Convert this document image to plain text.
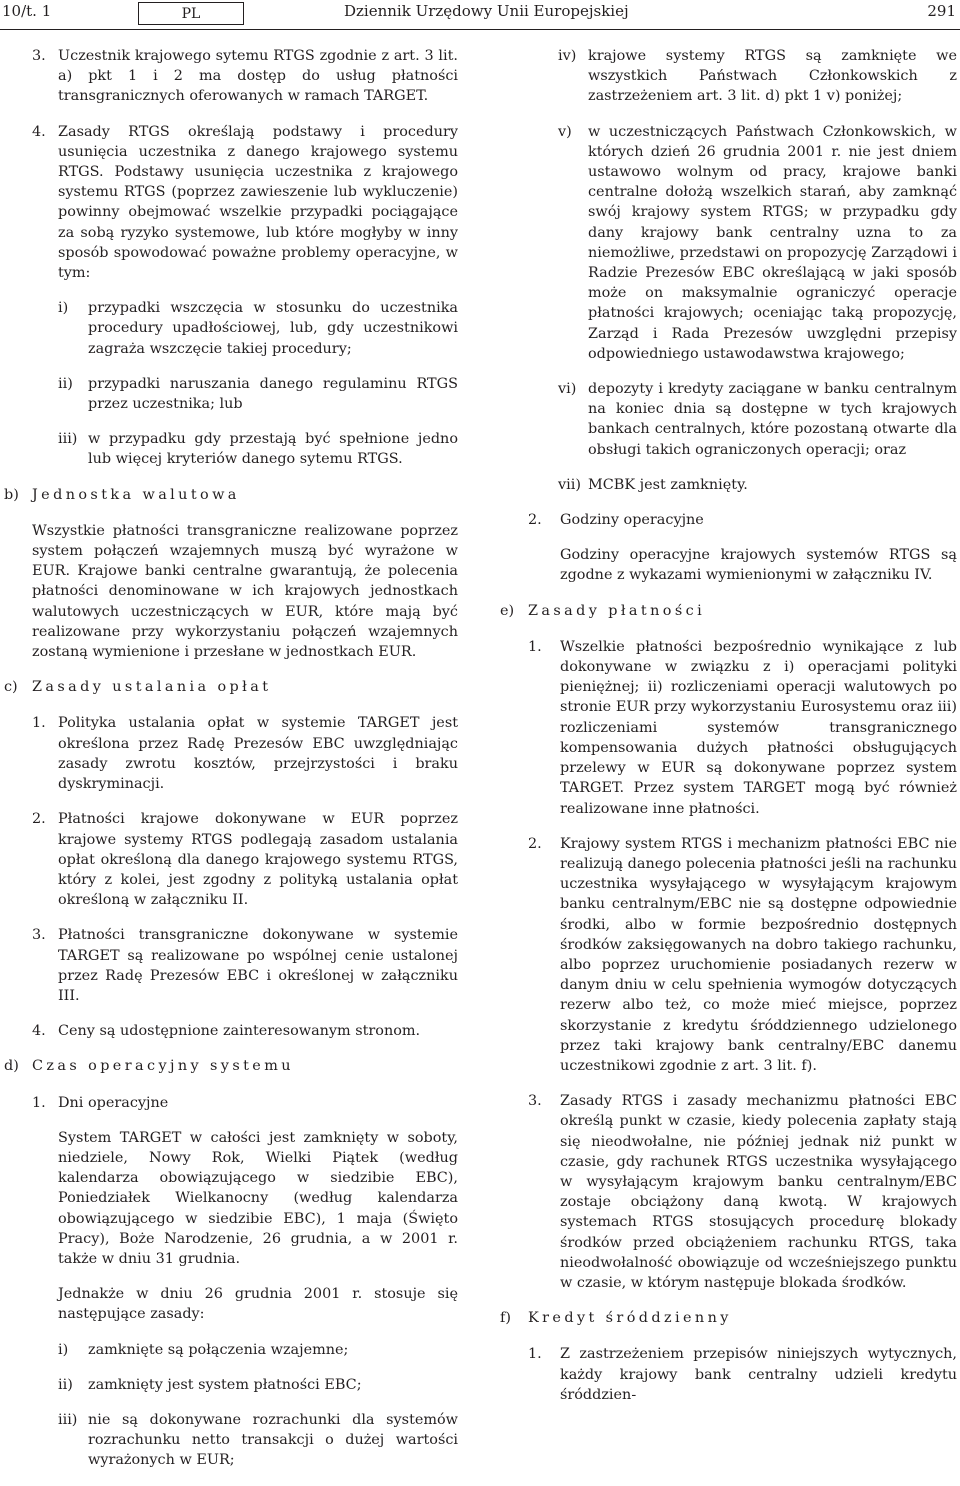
10/t. 1	PL	Dziennik Urzędowy Unii Europejskiej	291
3. Uczestnik krajowego sytemu RTGS zgodnie z art. 3 lit. a) pkt 1 i 2 ma dostęp do usług płatności transgranicznych oferowanych w ramach TARGET.
4. Zasady RTGS określają podstawy i procedury usunięcia uczestnika z danego krajowego systemu RTGS. Podstawy usunięcia uczestnika z krajowego systemu RTGS (poprzez zawieszenie lub wykluczenie) powinny obejmować wszelkie przypadki pociągające za sobą ryzyko systemowe, lub które mogłyby w inny sposób spowodować poważne problemy operacyjne, w tym:
i)	przypadki wszczęcia w stosunku do uczestnika procedury upadłościowej, lub, gdy uczestnikowi zagraża wszczęcie takiej procedury;
ii)	przypadki naruszania danego regulaminu RTGS przez uczestnika; lub
iii) w przypadku gdy przestają być spełnione jedno lub więcej kryteriów danego sytemu RTGS.
b) Jednostka walutowa
Wszystkie płatności transgraniczne realizowane poprzez system połączeń wzajemnych muszą być wyrażone w EUR. Krajowe banki centralne gwarantują, że polecenia płatności denominowane w ich krajowych jednostkach walutowych uczestniczących w EUR, które mają być realizowane przy wykorzystaniu połączeń wzajemnych zostaną wymienione i przesłane w jednostkach EUR.
c) Zasady ustalania opłat
1. Polityka ustalania opłat w systemie TARGET jest określona przez Radę Prezesów EBC uwzględniając zasady zwrotu kosztów, przejrzystości i braku dyskryminacji.
2. Płatności krajowe dokonywane w EUR poprzez krajowe systemy RTGS podlegają zasadom ustalania opłat określoną dla danego krajowego systemu RTGS, który z kolei, jest zgodny z polityką ustalania opłat określoną w załączniku II.
3. Płatności transgraniczne dokonywane w systemie TARGET są realizowane po wspólnej cenie ustalonej przez Radę Prezesów EBC i określonej w załączniku III.
4. Ceny są udostępnione zainteresowanym stronom.
d) Czas operacyjny systemu
1. Dni operacyjne
System TARGET w całości jest zamknięty w soboty, niedziele, Nowy Rok, Wielki Piątek (według kalendarza obowiązującego w siedzibie EBC), Poniedziałek Wielkanocny (według kalendarza obowiązującego w siedzibie EBC), 1 maja (Święto Pracy), Boże Narodzenie, 26 grudnia, a w 2001 r. także w dniu 31 grudnia.
Jednakże w dniu 26 grudnia 2001 r. stosuje się następujące zasady:
i)	zamknięte są połączenia wzajemne;
ii)	zamknięty jest system płatności EBC;
iii) nie są dokonywane rozrachunki dla systemów rozrachunku netto transakcji o dużej wartości wyrażonych w EUR;
iv) krajowe systemy RTGS są zamknięte we wszystkich Państwach Członkowskich z zastrzeżeniem art. 3 lit. d) pkt 1 v) poniżej;
v)	w uczestniczących Państwach Członkowskich, w których dzień 26 grudnia 2001 r. nie jest dniem ustawowo wolnym od pracy, krajowe banki centralne dołożą wszelkich starań, aby zamknąć swój krajowy system RTGS; w przypadku gdy dany krajowy bank centralny uzna to za niemożliwe, przedstawi on propozycję Zarządowi i Radzie Prezesów EBC określającą w jaki sposób może on maksymalnie ograniczyć operacje płatności krajowych; oceniając taką propozycję, Zarząd i Rada Prezesów uwzględni przepisy odpowiedniego ustawodawstwa krajowego;
vi) depozyty i kredyty zaciągane w banku centralnym na koniec dnia są dostępne w tych krajowych bankach centralnych, które pozostaną otwarte dla obsługi takich ograniczonych operacji; oraz
vii) MCBK jest zamknięty.
2.	Godziny operacyjne
Godziny operacyjne krajowych systemów RTGS są zgodne z wykazami wymienionymi w załączniku IV.
e) Zasady płatności
1.	Wszelkie płatności bezpośrednio wynikające z lub dokonywane w związku z i) operacjami polityki pieniężnej; ii) rozliczeniami operacji walutowych po stronie EUR przy wykorzystaniu Eurosystemu oraz iii) rozliczeniami systemów transgranicznego kompensowania dużych płatności obsługujących przelewy w EUR są dokonywane poprzez system TARGET. Przez system TARGET mogą być również realizowane inne płatności.
2.	Krajowy system RTGS i mechanizm płatności EBC nie realizują danego polecenia płatności jeśli na rachunku uczestnika wysyłającego w wysyłającym krajowym banku centralnym/EBC nie są dostępne odpowiednie środki, albo w formie bezpośrednio dostępnych środków zaksięgowanych na dobro takiego rachunku, albo poprzez uruchomienie posiadanych rezerw w danym dniu w celu spełnienia wymogów dotyczących rezerw albo też, co może mieć miejsce, poprzez skorzystanie z kredytu śróddziennego udzielonego przez taki krajowy bank centralny/EBC danemu uczestnikowi zgodnie z art. 3 lit. f).
3.	Zasady RTGS i zasady mechanizmu płatności EBC określą punkt w czasie, kiedy polecenia zapłaty stają się nieodwołalne, nie później jednak niż punkt w czasie, gdy rachunek RTGS uczestnika wysyłającego w wysyłającym krajowym banku centralnym/EBC zostaje obciążony daną kwotą. W krajowych systemach RTGS stosujących procedurę blokady środków przed obciążeniem rachunku RTGS, taka nieodwołalność obowiązuje od wcześniejszego punktu w czasie, w którym następuje blokada środków.
f)	Kredyt śróddzienny
1.	Z zastrzeżeniem przepisów niniejszych wytycznych, każdy krajowy bank centralny udzieli kredytu śróddzien-
